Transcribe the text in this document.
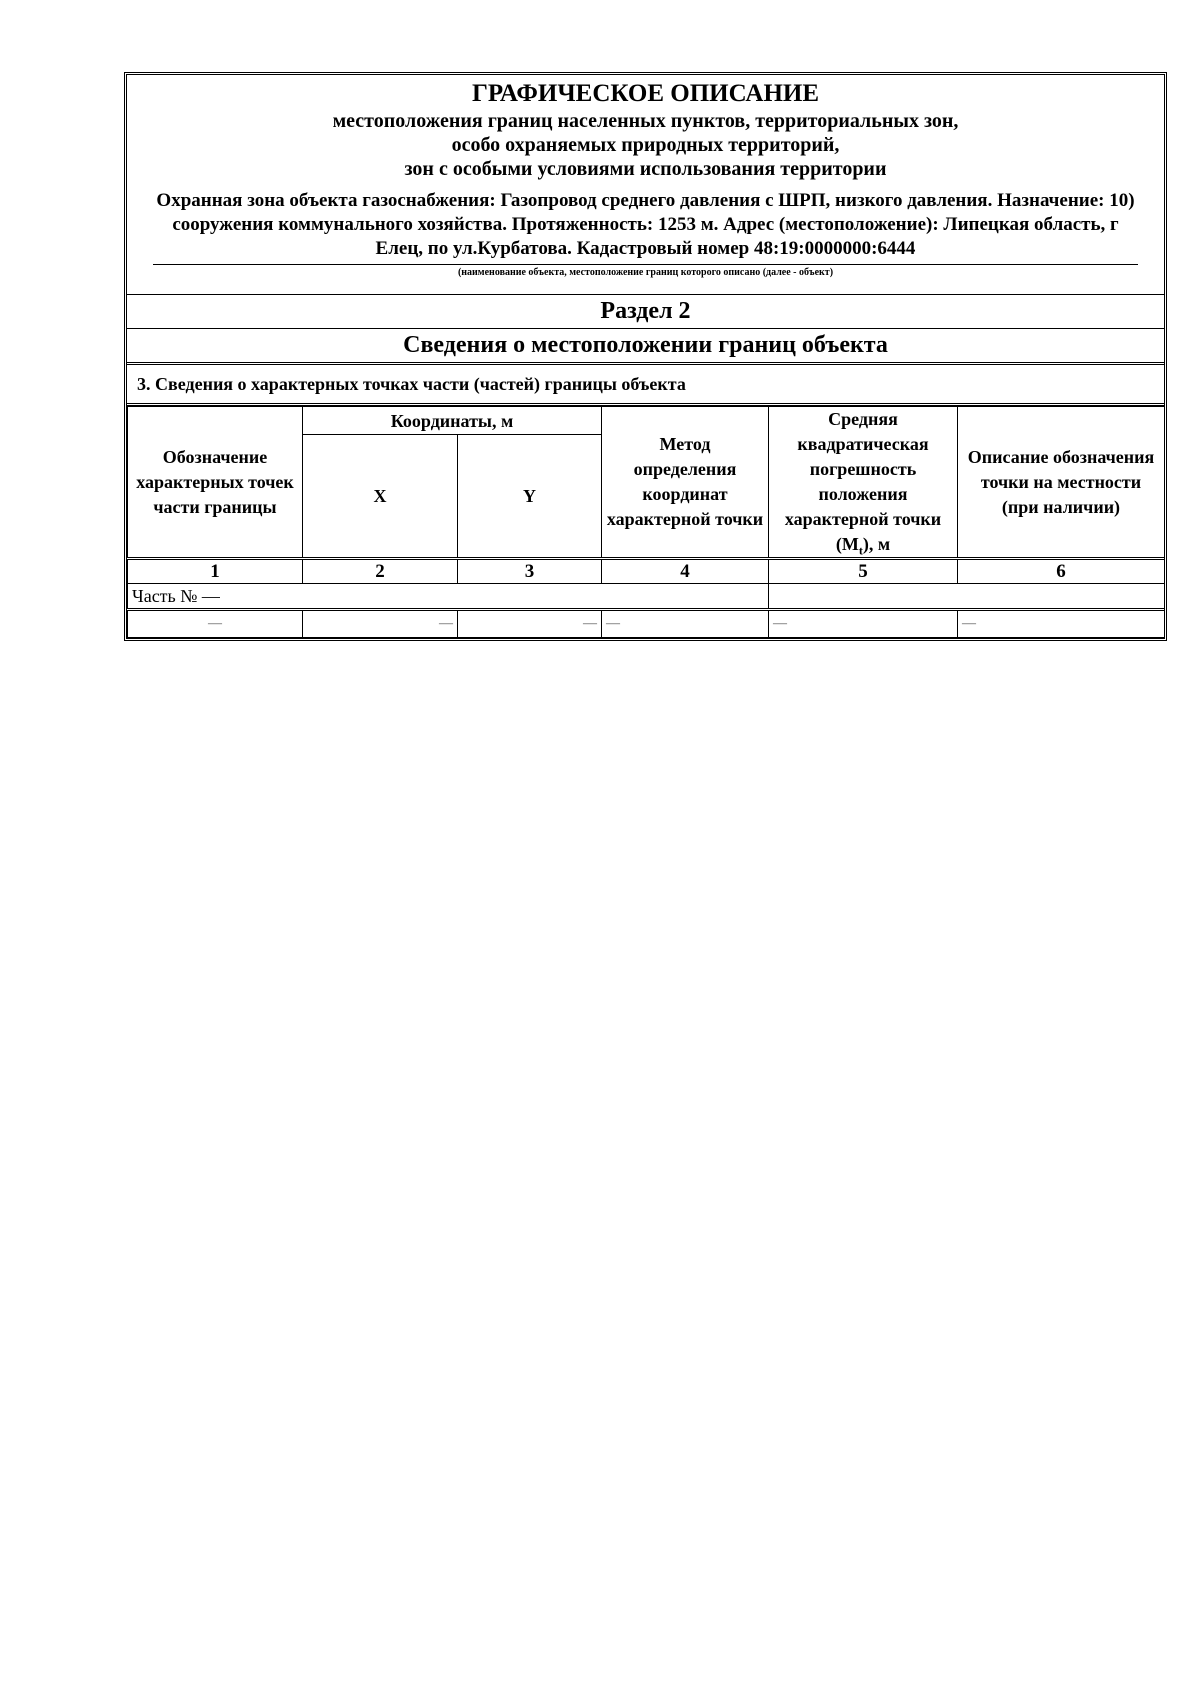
ГРАФИЧЕСКОЕ ОПИСАНИЕ
местоположения границ населенных пунктов, территориальных зон,
особо охраняемых природных территорий,
зон с особыми условиями использования территории
Охранная зона объекта газоснабжения: Газопровод среднего давления с ШРП, низкого давления. Назначение: 10) сооружения коммунального хозяйства. Протяженность: 1253 м. Адрес (местоположение): Липецкая область, г Елец, по ул.Курбатова. Кадастровый номер 48:19:0000000:6444
(наименование объекта, местоположение границ которого описано (далее - объект)
Раздел 2
Сведения о местоположении границ объекта
3. Сведения о характерных точках части (частей) границы объекта
Обозначение характерных точек части границы	Координаты, м		Метод определения координат характерной точки	Средняя квадратическая погрешность положения характерной точки $(M_t)$, м	Описание обозначения точки на местности (при наличии)
	X	Y			
1	2	3	4	5	6
Часть № —					
—	—	—	—	—	—
